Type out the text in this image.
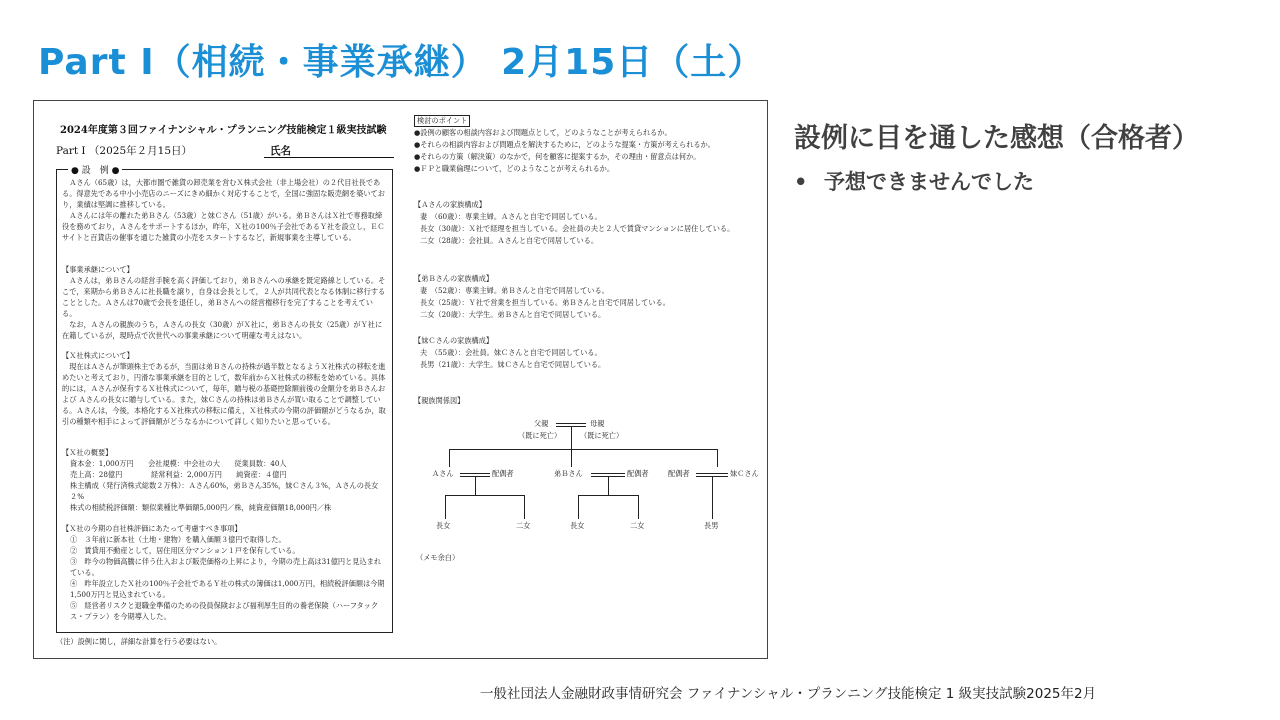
Part Ⅰ（相続・事業承継） 2月15日（土）
2024年度第３回ファイナンシャル・プランニング技能検定１級実技試験
Part Ⅰ （2025年２月15日）	氏名
● 設　例 ●
Ａさん（65歳）は，大都市圏で雑貨の卸売業を営むＸ株式会社（非上場会社）の２代目社長である。得意先である中小小売店のニーズにきめ細かく対応することで，全国に強固な販売網を築いており，業績は堅調に推移している。
Ａさんには年の離れた弟Ｂさん（53歳）と妹Ｃさん（51歳）がいる。弟ＢさんはＸ社で専務取締役を務めており，Ａさんをサポートするほか，昨年，Ｘ社の100％子会社であるＹ社を設立し，ＥＣサイトと百貨店の催事を通じた雑貨の小売をスタートするなど，新規事業を主導している。
【事業承継について】
Ａさんは，弟Ｂさんの経営手腕を高く評価しており，弟Ｂさんへの承継を既定路線としている。そこで，来期から弟Ｂさんに社長職を譲り，自身は会長として，２人が共同代表となる体制に移行することとした。Ａさんは70歳で会長を退任し，弟Ｂさんへの経営権移行を完了することを考えている。
なお，Ａさんの親族のうち，Ａさんの長女（30歳）がＸ社に，弟Ｂさんの長女（25歳）がＹ社に在籍しているが，現時点で次世代への事業承継について明確な考えはない。
【Ｘ社株式について】
現在はＡさんが筆頭株主であるが，当面は弟Ｂさんの持株が過半数となるようＸ社株式の移転を進めたいと考えており，円滑な事業承継を目的として，数年前からＸ社株式の移転を始めている。具体的には，Ａさんが保有するＸ社株式について，毎年，贈与税の基礎控除額前後の金額分を弟Ｂさんおよび Ａさんの長女に贈与している。また，妹Ｃさんの持株は弟Ｂさんが買い取ることで調整している。Ａさんは，今後，本格化するＸ社株式の移転に備え，Ｘ社株式の今期の評価額がどうなるか，取引の種類や相手によって評価額がどうなるかについて詳しく知りたいと思っている。
【Ｘ社の概要】
資本金：1,000万円　　会社規模：中会社の大　　従業員数：40人
売上高：28億円　　　　経常利益：2,000万円　　純資産：４億円
株主構成（発行済株式総数２万株）：Ａさん60%，弟Ｂさん35%，妹Ｃさん３%，Ａさんの長女２%
株式の相続税評価額：類似業種比準価額5,000円／株，純資産価額18,000円／株
【Ｘ社の今期の自社株評価にあたって考慮すべき事項】
①　３年前に新本社（土地・建物）を購入価額３億円で取得した。
②　賃貸用不動産として，居住用区分マンション１戸を保有している。
③　昨今の物価高騰に伴う仕入および販売価格の上昇により，今期の売上高は31億円と見込まれている。
④　昨年設立したＸ社の100％子会社であるＹ社の株式の簿価は1,000万円，相続税評価額は今期1,500万円と見込まれている。
⑤　経営者リスクと退職金準備のための役員保険および福利厚生目的の養老保険（ハーフタックス・プラン）を今期導入した。
（注）設例に関し，詳細な計算を行う必要はない。
検討のポイント
●設例の顧客の相談内容および問題点として，どのようなことが考えられるか。
●それらの相談内容および問題点を解決するために，どのような提案・方策が考えられるか。
●それらの方策（解決策）のなかで，何を顧客に提案するか，その理由・留意点は何か。
●ＦＰと職業倫理について，どのようなことが考えられるか。
【Ａさんの家族構成】
妻　（60歳）：専業主婦。Ａさんと自宅で同居している。
長女（30歳）：Ｘ社で経理を担当している。会社員の夫と２人で賃貸マンションに居住している。
二女（28歳）：会社員。Ａさんと自宅で同居している。
【弟Ｂさんの家族構成】
妻　（52歳）：専業主婦。弟Ｂさんと自宅で同居している。
長女（25歳）：Ｙ社で営業を担当している。弟Ｂさんと自宅で同居している。
二女（20歳）：大学生。弟Ｂさんと自宅で同居している。
【妹Ｃさんの家族構成】
夫　（55歳）：会社員。妹Ｃさんと自宅で同居している。
長男（21歳）：大学生。妹Ｃさんと自宅で同居している。
【親族関係図】
父親
（既に死亡）
母親
（既に死亡）
Ａさん	配偶者	弟Ｂさん	配偶者	配偶者	妹Ｃさん
長女	二女	長女	二女	長男
（メモ余白）
設例に目を通した感想（合格者）
• 予想できませんでした
一般社団法人金融財政事情研究会 ファイナンシャル・プランニング技能検定 1 級実技試験2025年2月
